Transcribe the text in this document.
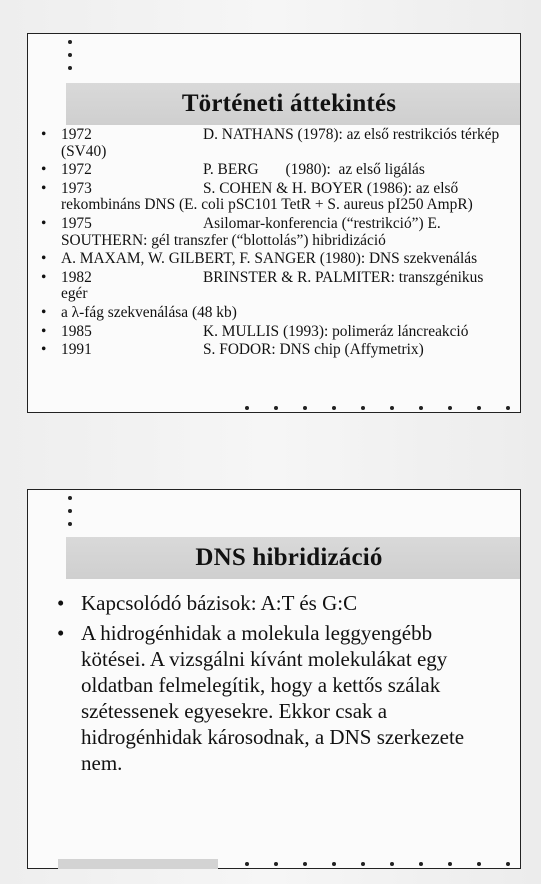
Történeti áttekintés
• 1972	D. NATHANS (1978): az első restrikciós térkép (SV40)
• 1972	P. BERG       (1980):  az első ligálás
• 1973	S. COHEN & H. BOYER (1986): az első rekombináns DNS (E. coli pSC101 TetR + S. aureus pI250 AmpR)
• 1975	Asilomar-konferencia (“restrikció”) E. SOUTHERN: gél transzfer (“blottolás”) hibridizáció
• A. MAXAM, W. GILBERT, F. SANGER (1980): DNS szekvenálás
• 1982	BRINSTER & R. PALMITER: transzgénikus egér
• a λ-fág szekvenálása (48 kb)
• 1985	K. MULLIS (1993): polimeráz láncreakció
• 1991	S. FODOR: DNS chip (Affymetrix)
DNS hibridizáció
• Kapcsolódó bázisok: A:T és G:C
• A hidrogénhidak a molekula leggyengébb kötései. A vizsgálni kívánt molekulákat egy oldatban felmelegítik, hogy a kettős szálak szétessenek egyesekre. Ekkor csak a hidrogénhidak károsodnak, a DNS szerkezete nem.
